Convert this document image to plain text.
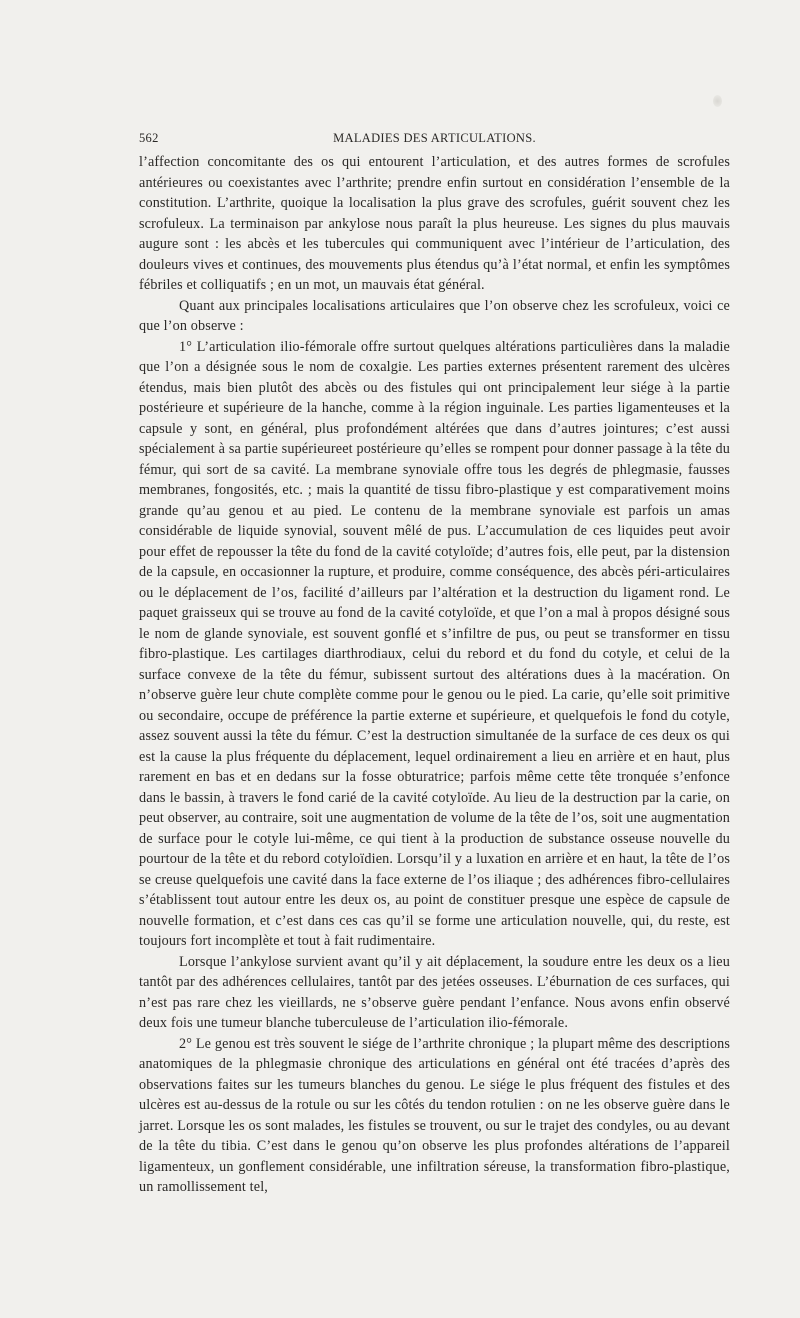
562	MALADIES DES ARTICULATIONS.

l’affection concomitante des os qui entourent l’articulation, et des autres formes de scrofules antérieures ou coexistantes avec l’arthrite; prendre enfin surtout en considération l’ensemble de la constitution. L’arthrite, quoique la localisation la plus grave des scrofules, guérit souvent chez les scrofuleux. La terminaison par ankylose nous paraît la plus heureuse. Les signes du plus mauvais augure sont : les abcès et les tubercules qui communiquent avec l’intérieur de l’articulation, des douleurs vives et continues, des mouvements plus étendus qu’à l’état normal, et enfin les symptômes fébriles et colliquatifs ; en un mot, un mauvais état général.

Quant aux principales localisations articulaires que l’on observe chez les scrofuleux, voici ce que l’on observe :

1° L’articulation ilio-fémorale offre surtout quelques altérations particulières dans la maladie que l’on a désignée sous le nom de coxalgie. Les parties externes présentent rarement des ulcères étendus, mais bien plutôt des abcès ou des fistules qui ont principalement leur siége à la partie postérieure et supérieure de la hanche, comme à la région inguinale. Les parties ligamenteuses et la capsule y sont, en général, plus profondément altérées que dans d’autres jointures; c’est aussi spécialement à sa partie supérieureet postérieure qu’elles se rompent pour donner passage à la tête du fémur, qui sort de sa cavité. La membrane synoviale offre tous les degrés de phlegmasie, fausses membranes, fongosités, etc. ; mais la quantité de tissu fibro-plastique y est comparativement moins grande qu’au genou et au pied. Le contenu de la membrane synoviale est parfois un amas considérable de liquide synovial, souvent mêlé de pus. L’accumulation de ces liquides peut avoir pour effet de repousser la tête du fond de la cavité cotyloïde; d’autres fois, elle peut, par la distension de la capsule, en occasionner la rupture, et produire, comme conséquence, des abcès péri-articulaires ou le déplacement de l’os, facilité d’ailleurs par l’altération et la destruction du ligament rond. Le paquet graisseux qui se trouve au fond de la cavité cotyloïde, et que l’on a mal à propos désigné sous le nom de glande synoviale, est souvent gonflé et s’infiltre de pus, ou peut se transformer en tissu fibro-plastique. Les cartilages diarthrodiaux, celui du rebord et du fond du cotyle, et celui de la surface convexe de la tête du fémur, subissent surtout des altérations dues à la macération. On n’observe guère leur chute complète comme pour le genou ou le pied. La carie, qu’elle soit primitive ou secondaire, occupe de préférence la partie externe et supérieure, et quelquefois le fond du cotyle, assez souvent aussi la tête du fémur. C’est la destruction simultanée de la surface de ces deux os qui est la cause la plus fréquente du déplacement, lequel ordinairement a lieu en arrière et en haut, plus rarement en bas et en dedans sur la fosse obturatrice; parfois même cette tête tronquée s’enfonce dans le bassin, à travers le fond carié de la cavité cotyloïde. Au lieu de la destruction par la carie, on peut observer, au contraire, soit une augmentation de volume de la tête de l’os, soit une augmentation de surface pour le cotyle lui-même, ce qui tient à la production de substance osseuse nouvelle du pourtour de la tête et du rebord cotyloïdien. Lorsqu’il y a luxation en arrière et en haut, la tête de l’os se creuse quelquefois une cavité dans la face externe de l’os iliaque ; des adhérences fibro-cellulaires s’établissent tout autour entre les deux os, au point de constituer presque une espèce de capsule de nouvelle formation, et c’est dans ces cas qu’il se forme une articulation nouvelle, qui, du reste, est toujours fort incomplète et tout à fait rudimentaire.

Lorsque l’ankylose survient avant qu’il y ait déplacement, la soudure entre les deux os a lieu tantôt par des adhérences cellulaires, tantôt par des jetées osseuses. L’éburnation de ces surfaces, qui n’est pas rare chez les vieillards, ne s’observe guère pendant l’enfance. Nous avons enfin observé deux fois une tumeur blanche tuberculeuse de l’articulation ilio-fémorale.

2° Le genou est très souvent le siége de l’arthrite chronique ; la plupart même des descriptions anatomiques de la phlegmasie chronique des articulations en général ont été tracées d’après des observations faites sur les tumeurs blanches du genou. Le siége le plus fréquent des fistules et des ulcères est au-dessus de la rotule ou sur les côtés du tendon rotulien : on ne les observe guère dans le jarret. Lorsque les os sont malades, les fistules se trouvent, ou sur le trajet des condyles, ou au devant de la tête du tibia. C’est dans le genou qu’on observe les plus profondes altérations de l’appareil ligamenteux, un gonflement considérable, une infiltration séreuse, la transformation fibro-plastique, un ramollissement tel,
